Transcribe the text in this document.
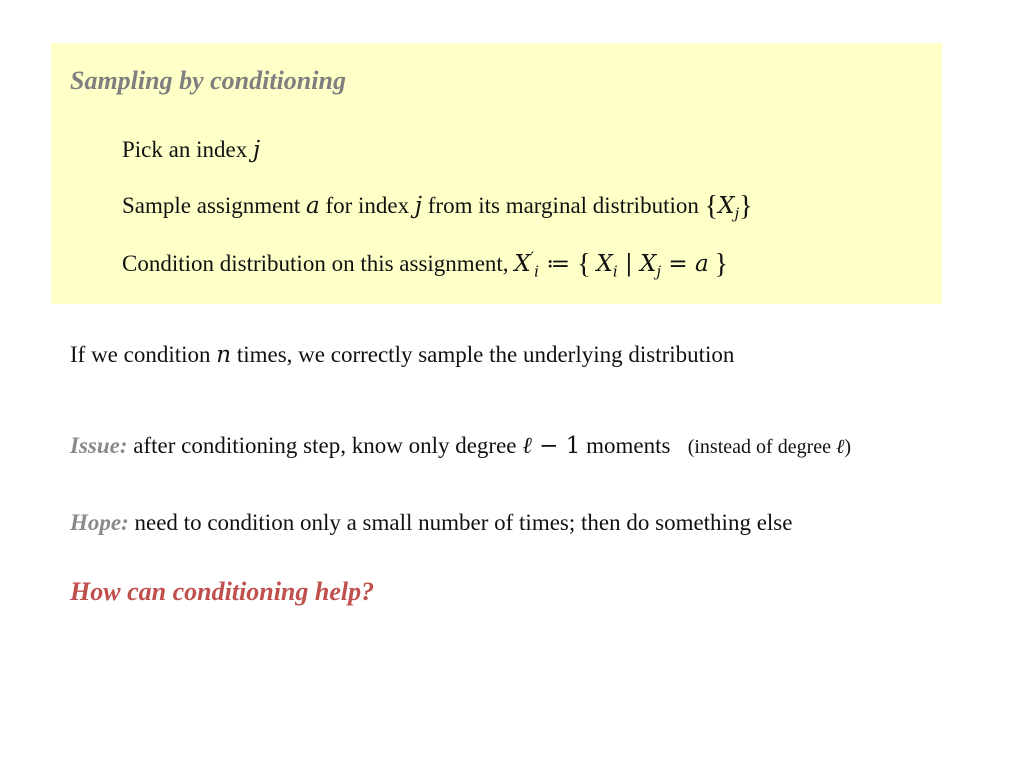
Sampling by conditioning
Pick an index j
Sample assignment a for index j from its marginal distribution $\{X_j\}$
Condition distribution on this assignment, $X'_i$ ≔ { $X_i$ | $X_j = a$ }
If we condition n times, we correctly sample the underlying distribution
Issue: after conditioning step, know only degree ℓ − 1 moments (instead of degree ℓ)
Hope: need to condition only a small number of times; then do something else
How can conditioning help?
